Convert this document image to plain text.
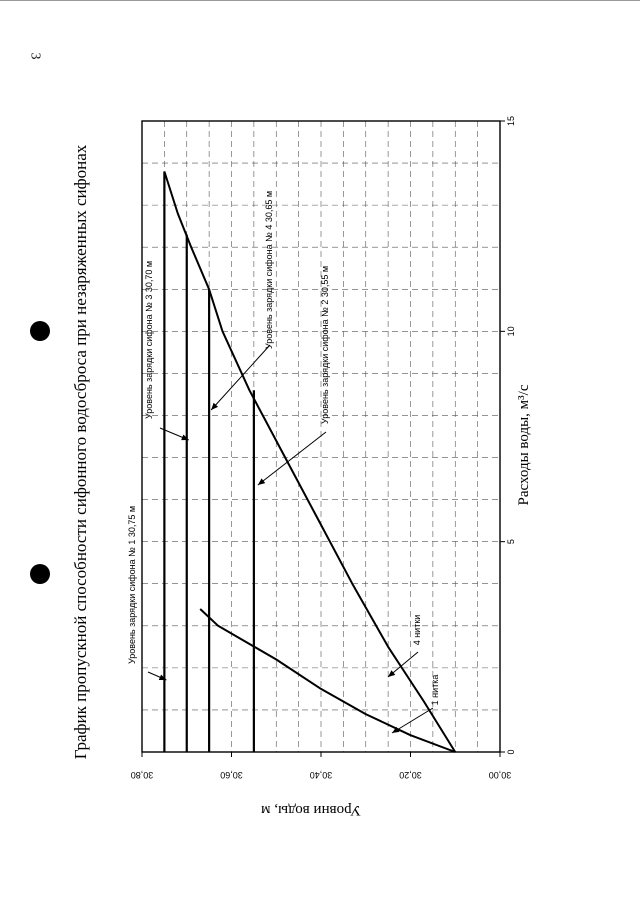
3
0
5
10
15
30,00
30,20
30,40
30,60
30,80
Уровень зарядки сифона № 1 30,75 м
Уровень зарядки сифона № 3 30,70 м	Уровень зарядки сифона № 4 30,65 м	Уровень зарядки сифона № 2 30,55 м
4 нитки
1 нитка
График пропускной способности сифонного водосброса при незаряженных сифонах	Расходы воды, м³/с
Уровни воды, м
